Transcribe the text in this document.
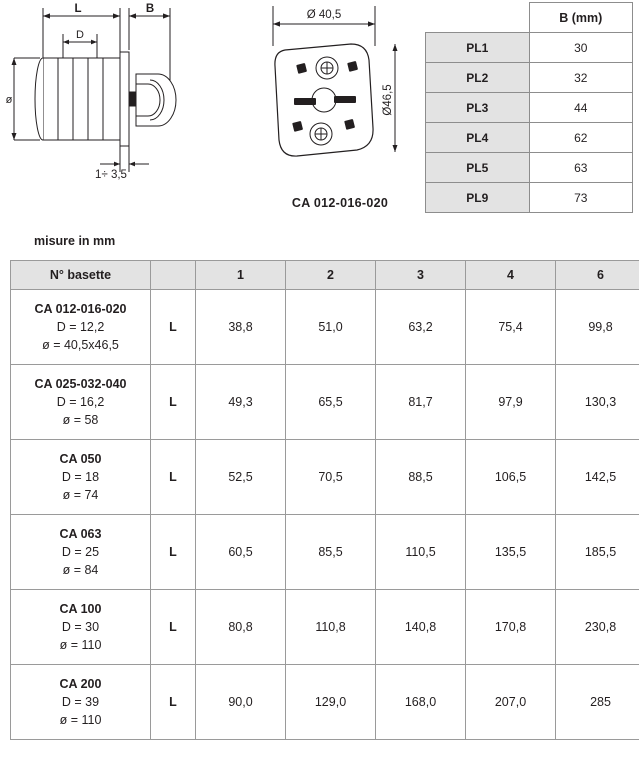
L	B
D
ø
1÷ 3,5
Ø 40,5
Ø46,5
CA 012-016-020
	B (mm)
PL1	30
PL2	32
PL3	44
PL4	62
PL5	63
PL9	73
misure in mm
N° basette		1	2	3	4	6

CA 012-016-020
D = 12,2
ø = 40,5x46,5	L	38,8	51,0	63,2	75,4	99,8

CA 025-032-040
D = 16,2
ø = 58	L	49,3	65,5	81,7	97,9	130,3

CA 050
D = 18
ø = 74	L	52,5	70,5	88,5	106,5	142,5

CA 063
D = 25
ø = 84	L	60,5	85,5	110,5	135,5	185,5

CA 100
D = 30
ø = 110	L	80,8	110,8	140,8	170,8	230,8

CA 200
D = 39
ø = 110	L	90,0	129,0	168,0	207,0	285
